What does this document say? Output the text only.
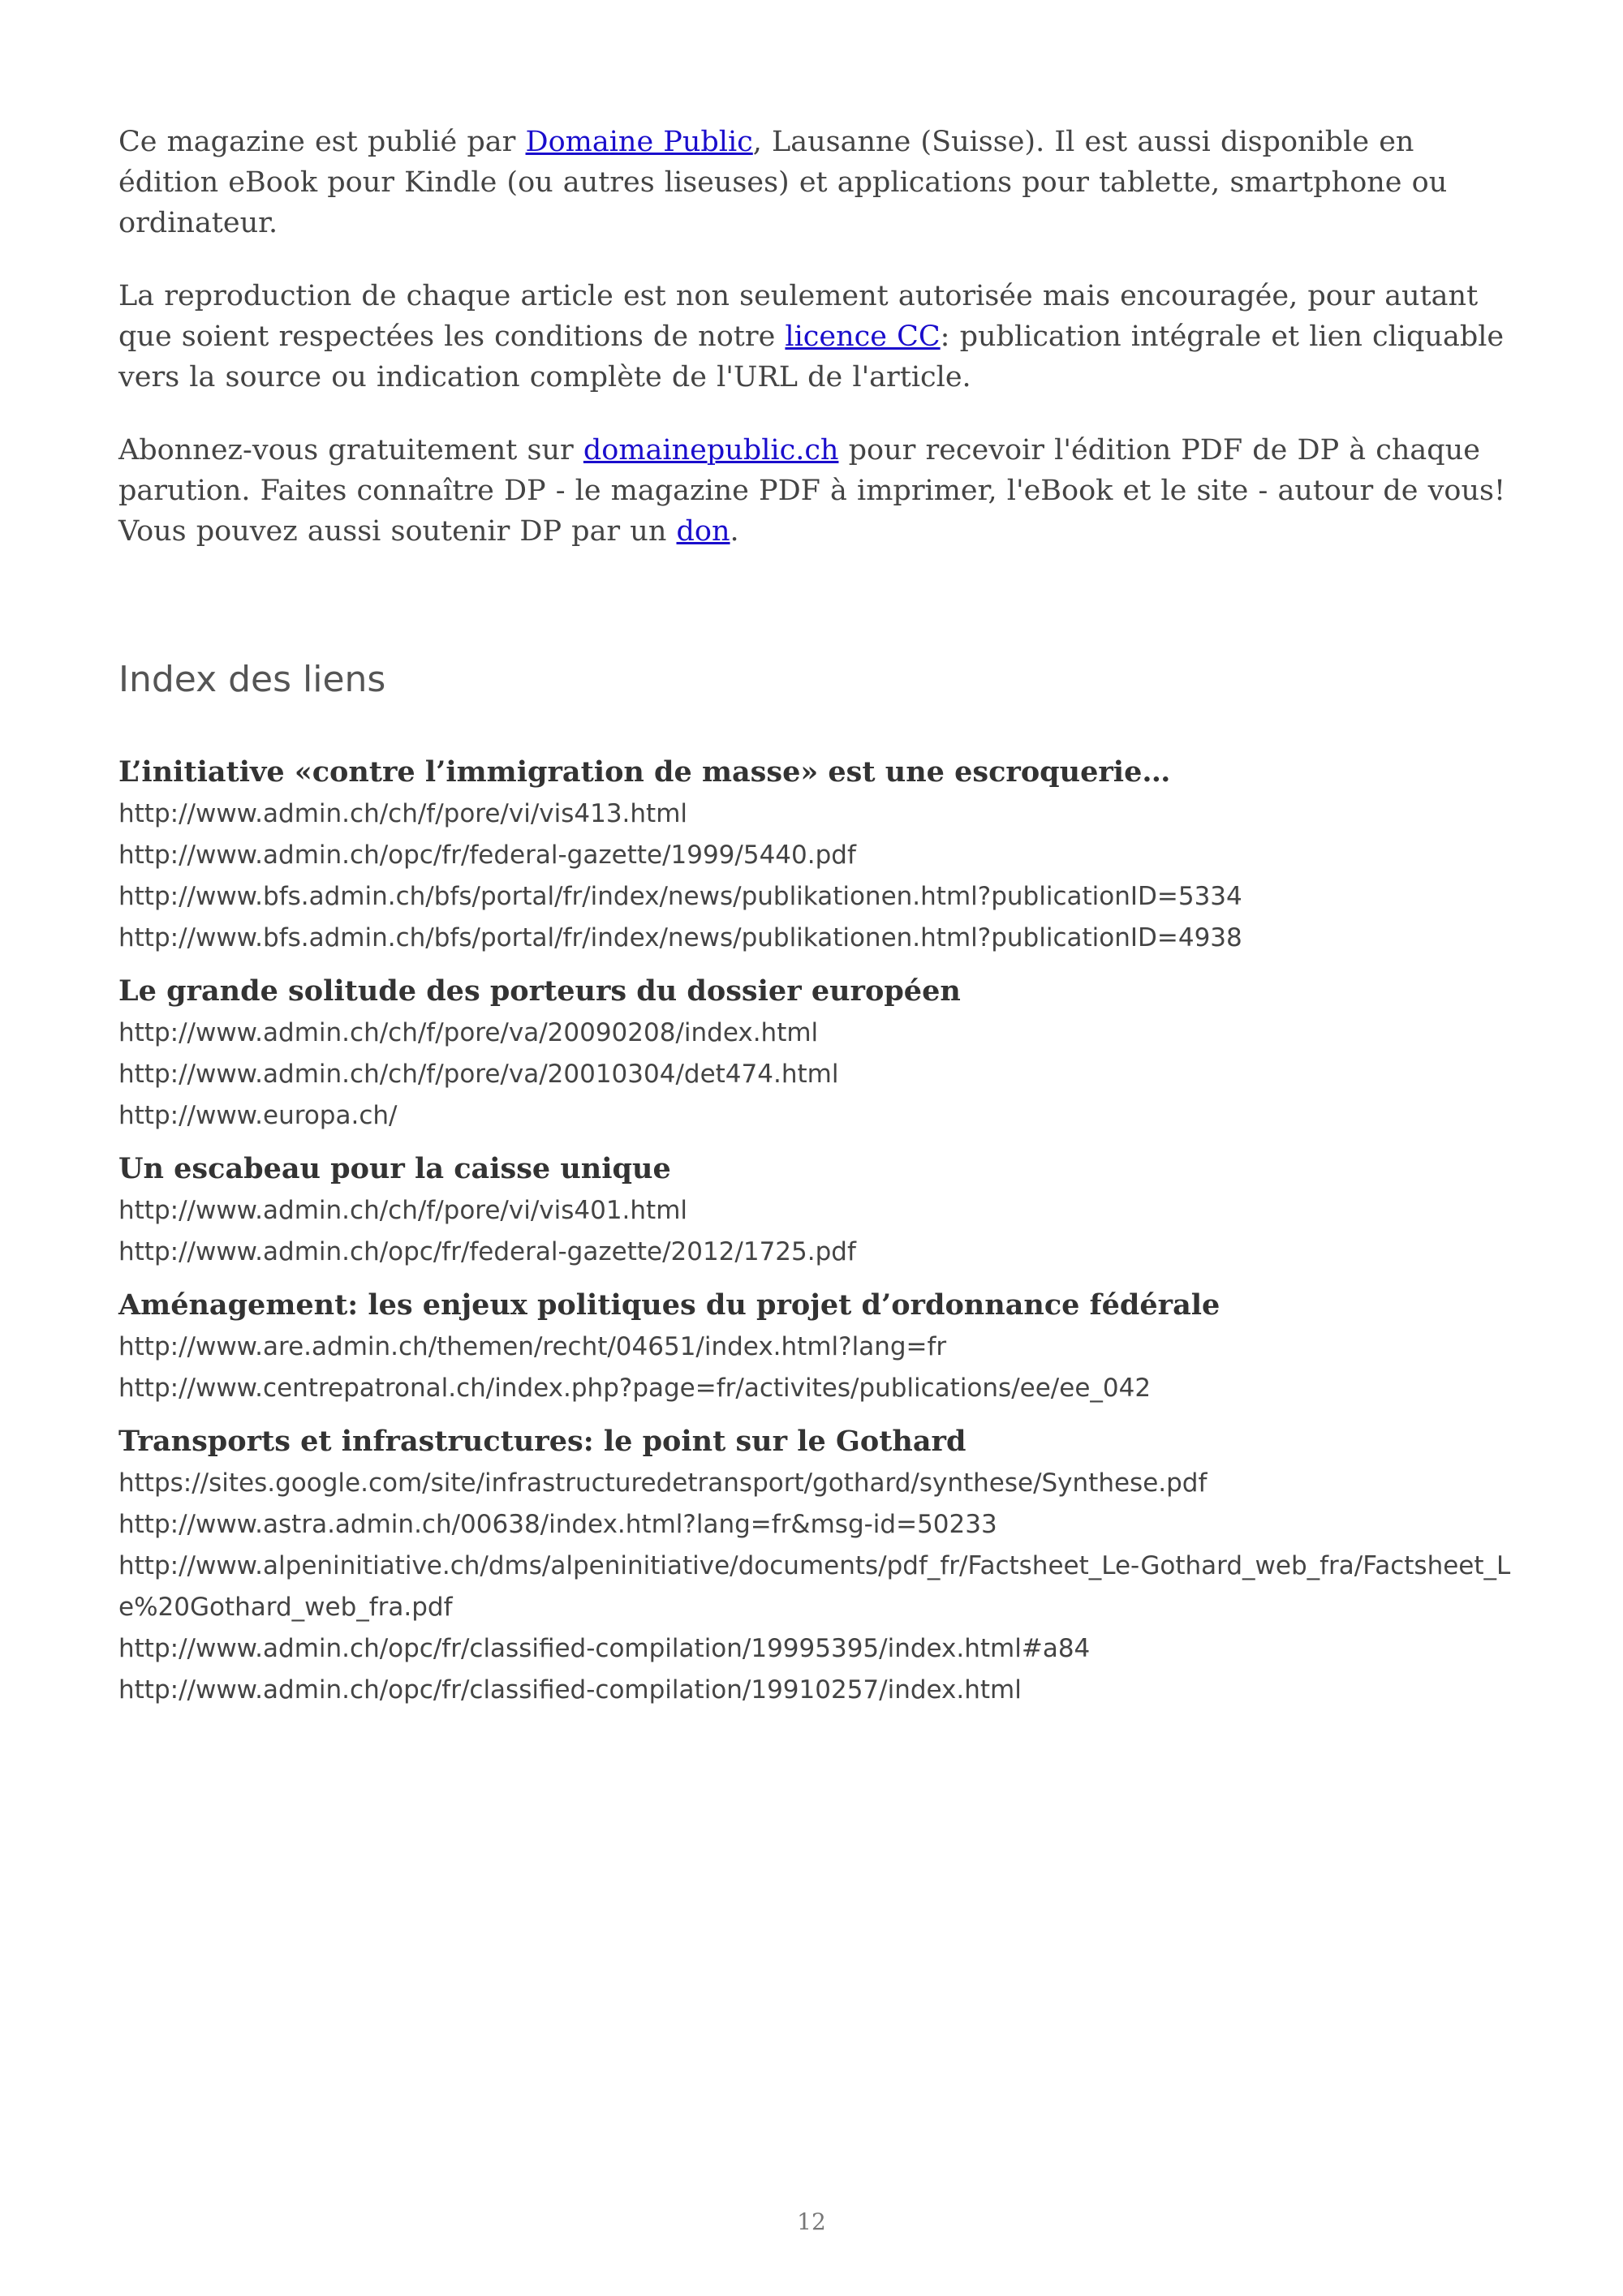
Ce magazine est publié par Domaine Public, Lausanne (Suisse). Il est aussi disponible en édition eBook pour Kindle (ou autres liseuses) et applications pour tablette, smartphone ou ordinateur.

La reproduction de chaque article est non seulement autorisée mais encouragée, pour autant que soient respectées les conditions de notre licence CC: publication intégrale et lien cliquable vers la source ou indication complète de l'URL de l'article.

Abonnez-vous gratuitement sur domainepublic.ch pour recevoir l'édition PDF de DP à chaque parution. Faites connaître DP - le magazine PDF à imprimer, l'eBook et le site - autour de vous! Vous pouvez aussi soutenir DP par un don.

Index des liens
L’initiative «contre l’immigration de masse» est une escroquerie…
http://www.admin.ch/ch/f/pore/vi/vis413.html
http://www.admin.ch/opc/fr/federal-gazette/1999/5440.pdf
http://www.bfs.admin.ch/bfs/portal/fr/index/news/publikationen.html?publicationID=5334
http://www.bfs.admin.ch/bfs/portal/fr/index/news/publikationen.html?publicationID=4938
Le grande solitude des porteurs du dossier européen
http://www.admin.ch/ch/f/pore/va/20090208/index.html
http://www.admin.ch/ch/f/pore/va/20010304/det474.html
http://www.europa.ch/
Un escabeau pour la caisse unique
http://www.admin.ch/ch/f/pore/vi/vis401.html
http://www.admin.ch/opc/fr/federal-gazette/2012/1725.pdf
Aménagement: les enjeux politiques du projet d’ordonnance fédérale
http://www.are.admin.ch/themen/recht/04651/index.html?lang=fr
http://www.centrepatronal.ch/index.php?page=fr/activites/publications/ee/ee_042
Transports et infrastructures: le point sur le Gothard
https://sites.google.com/site/infrastructuredetransport/gothard/synthese/Synthese.pdf
http://www.astra.admin.ch/00638/index.html?lang=fr&msg-id=50233
http://www.alpeninitiative.ch/dms/alpeninitiative/documents/pdf_fr/Factsheet_Le-Gothard_web_fra/Factsheet_Le%20Gothard_web_fra.pdf
http://www.admin.ch/opc/fr/classified-compilation/19995395/index.html#a84
http://www.admin.ch/opc/fr/classified-compilation/19910257/index.html
12
